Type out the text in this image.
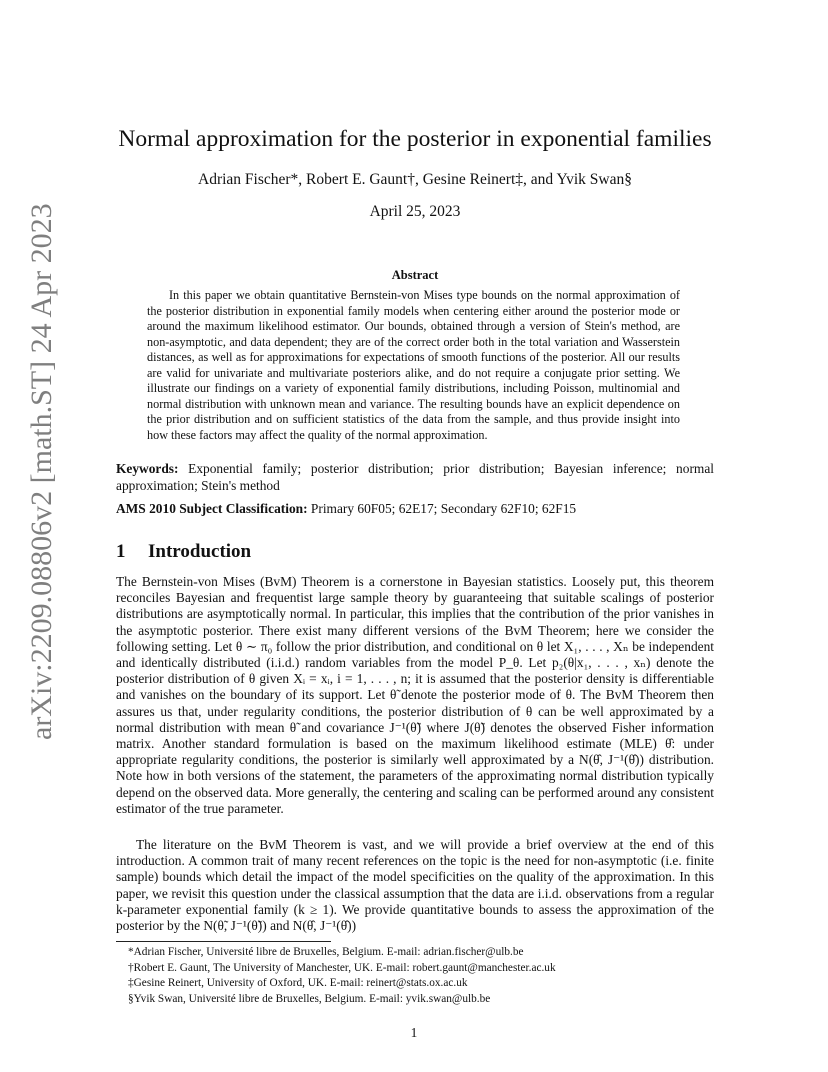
arXiv:2209.08806v2 [math.ST] 24 Apr 2023
Normal approximation for the posterior in exponential families
Adrian Fischer*, Robert E. Gaunt†, Gesine Reinert‡, and Yvik Swan§
April 25, 2023
Abstract
In this paper we obtain quantitative Bernstein-von Mises type bounds on the normal approximation of the posterior distribution in exponential family models when centering either around the posterior mode or around the maximum likelihood estimator. Our bounds, obtained through a version of Stein's method, are non-asymptotic, and data dependent; they are of the correct order both in the total variation and Wasserstein distances, as well as for approximations for expectations of smooth functions of the posterior. All our results are valid for univariate and multivariate posteriors alike, and do not require a conjugate prior setting. We illustrate our findings on a variety of exponential family distributions, including Poisson, multinomial and normal distribution with unknown mean and variance. The resulting bounds have an explicit dependence on the prior distribution and on sufficient statistics of the data from the sample, and thus provide insight into how these factors may affect the quality of the normal approximation.
Keywords: Exponential family; posterior distribution; prior distribution; Bayesian inference; normal approximation; Stein's method
AMS 2010 Subject Classification: Primary 60F05; 62E17; Secondary 62F10; 62F15
1 Introduction
The Bernstein-von Mises (BvM) Theorem is a cornerstone in Bayesian statistics. Loosely put, this theorem reconciles Bayesian and frequentist large sample theory by guaranteeing that suitable scalings of posterior distributions are asymptotically normal. In particular, this implies that the contribution of the prior vanishes in the asymptotic posterior. There exist many different versions of the BvM Theorem; here we consider the following setting. Let θ ∼ π₀ follow the prior distribution, and conditional on θ let X₁, . . . , Xₙ be independent and identically distributed (i.i.d.) random variables from the model P_θ. Let p₂(θ|x₁, . . . , xₙ) denote the posterior distribution of θ given Xᵢ = xᵢ, i = 1, . . . , n; it is assumed that the posterior density is differentiable and vanishes on the boundary of its support. Let θ̃ denote the posterior mode of θ. The BvM Theorem then assures us that, under regularity conditions, the posterior distribution of θ can be well approximated by a normal distribution with mean θ̃ and covariance J⁻¹(θ̃) where J(θ̃) denotes the observed Fisher information matrix. Another standard formulation is based on the maximum likelihood estimate (MLE) θ̂: under appropriate regularity conditions, the posterior is similarly well approximated by a N(θ̂, J⁻¹(θ̂)) distribution. Note how in both versions of the statement, the parameters of the approximating normal distribution typically depend on the observed data. More generally, the centering and scaling can be performed around any consistent estimator of the true parameter.
The literature on the BvM Theorem is vast, and we will provide a brief overview at the end of this introduction. A common trait of many recent references on the topic is the need for non-asymptotic (i.e. finite sample) bounds which detail the impact of the model specificities on the quality of the approximation. In this paper, we revisit this question under the classical assumption that the data are i.i.d. observations from a regular k-parameter exponential family (k ≥ 1). We provide quantitative bounds to assess the approximation of the posterior by the N(θ̃, J⁻¹(θ̃)) and N(θ̂, J⁻¹(θ̂))
*Adrian Fischer, Université libre de Bruxelles, Belgium. E-mail: adrian.fischer@ulb.be
†Robert E. Gaunt, The University of Manchester, UK. E-mail: robert.gaunt@manchester.ac.uk
‡Gesine Reinert, University of Oxford, UK. E-mail: reinert@stats.ox.ac.uk
§Yvik Swan, Université libre de Bruxelles, Belgium. E-mail: yvik.swan@ulb.be
1
